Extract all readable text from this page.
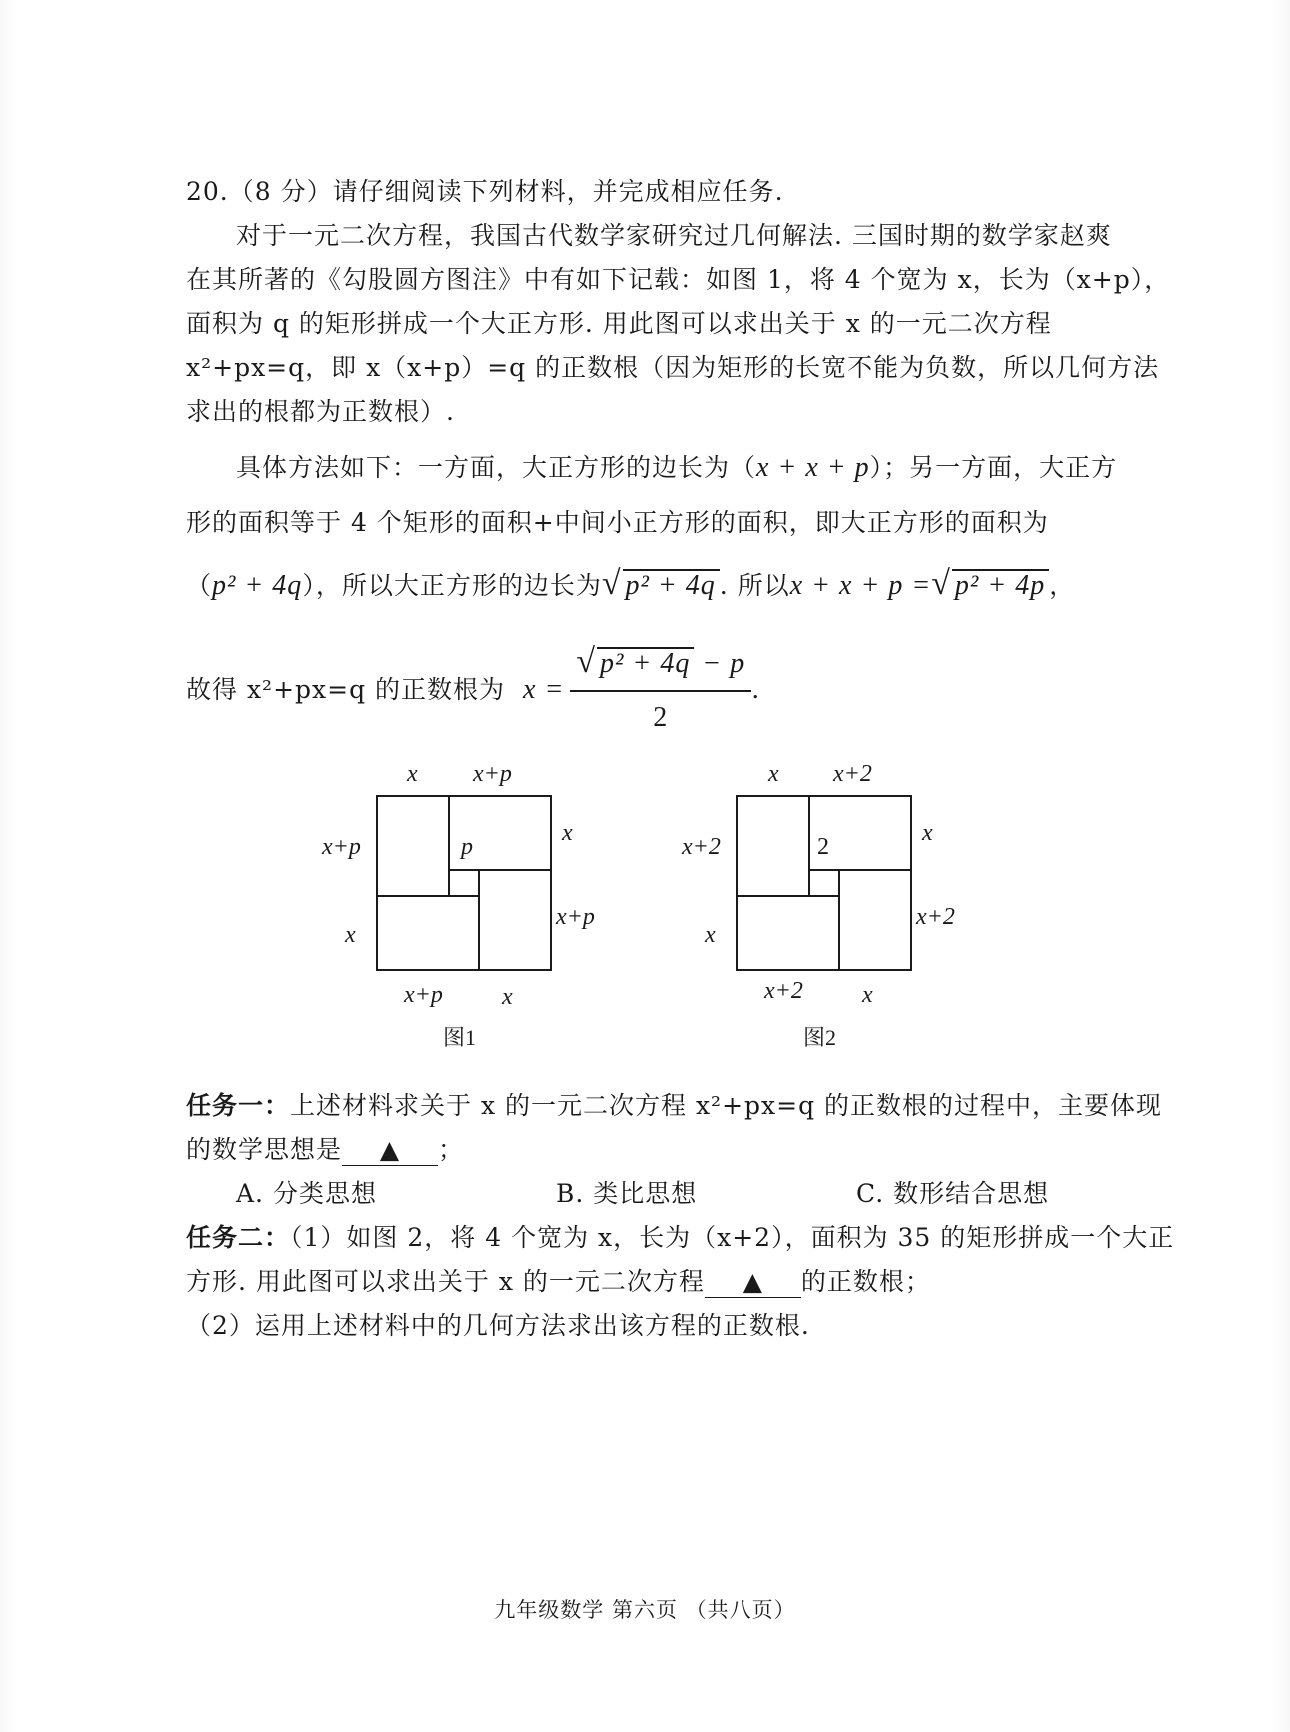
20.（8 分）请仔细阅读下列材料，并完成相应任务.
对于一元二次方程，我国古代数学家研究过几何解法. 三国时期的数学家赵爽
在其所著的《勾股圆方图注》中有如下记载：如图 1，将 4 个宽为 x，长为（x+p），
面积为 q 的矩形拼成一个大正方形. 用此图可以求出关于 x 的一元二次方程
x²+px=q，即 x（x+p）=q 的正数根（因为矩形的长宽不能为负数，所以几何方法
求出的根都为正数根）.
具体方法如下：一方面，大正方形的边长为（x + x + p）；另一方面，大正方
形的面积等于 4 个矩形的面积+中间小正方形的面积，即大正方形的面积为
（p² + 4q），所以大正方形的边长为√ p² + 4q . 所以x + x + p =√ p² + 4p ，
故得 x²+px=q 的正数根为 $x = \frac{\text{√ p² + 4q − p}}{2}$ .
x x+p
x+p	p
x
x+p
x
x+p x
图1
x x+2
x+2	2
x
x+2
x
x+2 x
图2
任务一：上述材料求关于 x 的一元二次方程 x²+px=q 的正数根的过程中，主要体现
的数学思想是 ▲ ；
A. 分类思想	B. 类比思想	C. 数形结合思想
任务二：（1）如图 2，将 4 个宽为 x，长为（x+2），面积为 35 的矩形拼成一个大正
方形. 用此图可以求出关于 x 的一元二次方程 ▲ 的正数根；
（2）运用上述材料中的几何方法求出该方程的正数根.
九年级数学 第六页 （共八页）
